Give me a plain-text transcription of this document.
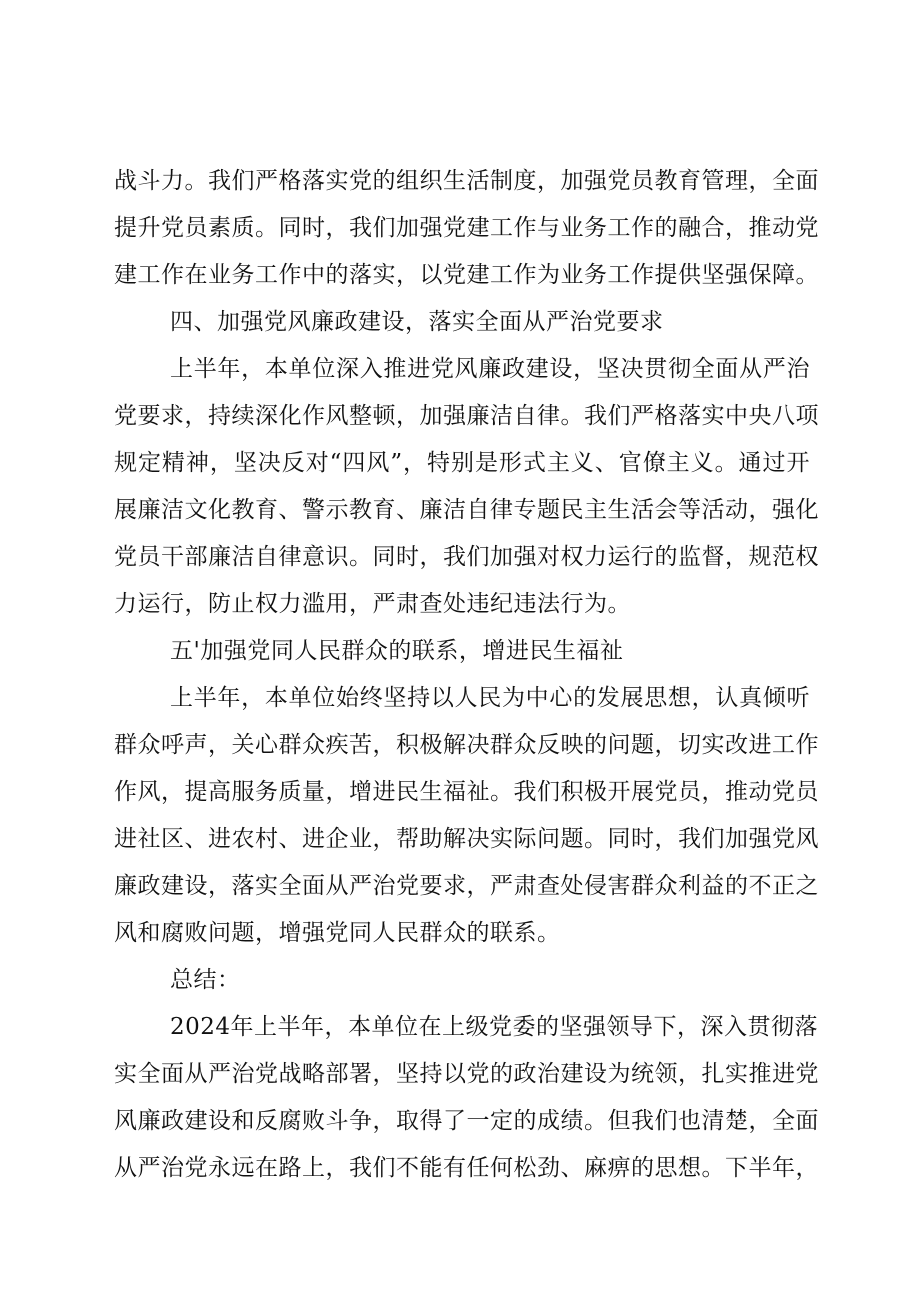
战斗力。我们严格落实党的组织生活制度，加强党员教育管理，全面
提升党员素质。同时，我们加强党建工作与业务工作的融合，推动党
建工作在业务工作中的落实，以党建工作为业务工作提供坚强保障。
四、加强党风廉政建设，落实全面从严治党要求
上半年，本单位深入推进党风廉政建设，坚决贯彻全面从严治
党要求，持续深化作风整顿，加强廉洁自律。我们严格落实中央八项
规定精神，坚决反对“四风”，特别是形式主义、官僚主义。通过开
展廉洁文化教育、警示教育、廉洁自律专题民主生活会等活动，强化
党员干部廉洁自律意识。同时，我们加强对权力运行的监督，规范权
力运行，防止权力滥用，严肃查处违纪违法行为。
五'加强党同人民群众的联系，增进民生福祉
上半年，本单位始终坚持以人民为中心的发展思想，认真倾听
群众呼声，关心群众疾苦，积极解决群众反映的问题，切实改进工作
作风，提高服务质量，增进民生福祉。我们积极开展党员，推动党员
进社区、进农村、进企业，帮助解决实际问题。同时，我们加强党风
廉政建设，落实全面从严治党要求，严肃查处侵害群众利益的不正之
风和腐败问题，增强党同人民群众的联系。
总结：
2024年上半年，本单位在上级党委的坚强领导下，深入贯彻落
实全面从严治党战略部署，坚持以党的政治建设为统领，扎实推进党
风廉政建设和反腐败斗争，取得了一定的成绩。但我们也清楚，全面
从严治党永远在路上，我们不能有任何松劲、麻痹的思想。下半年，
